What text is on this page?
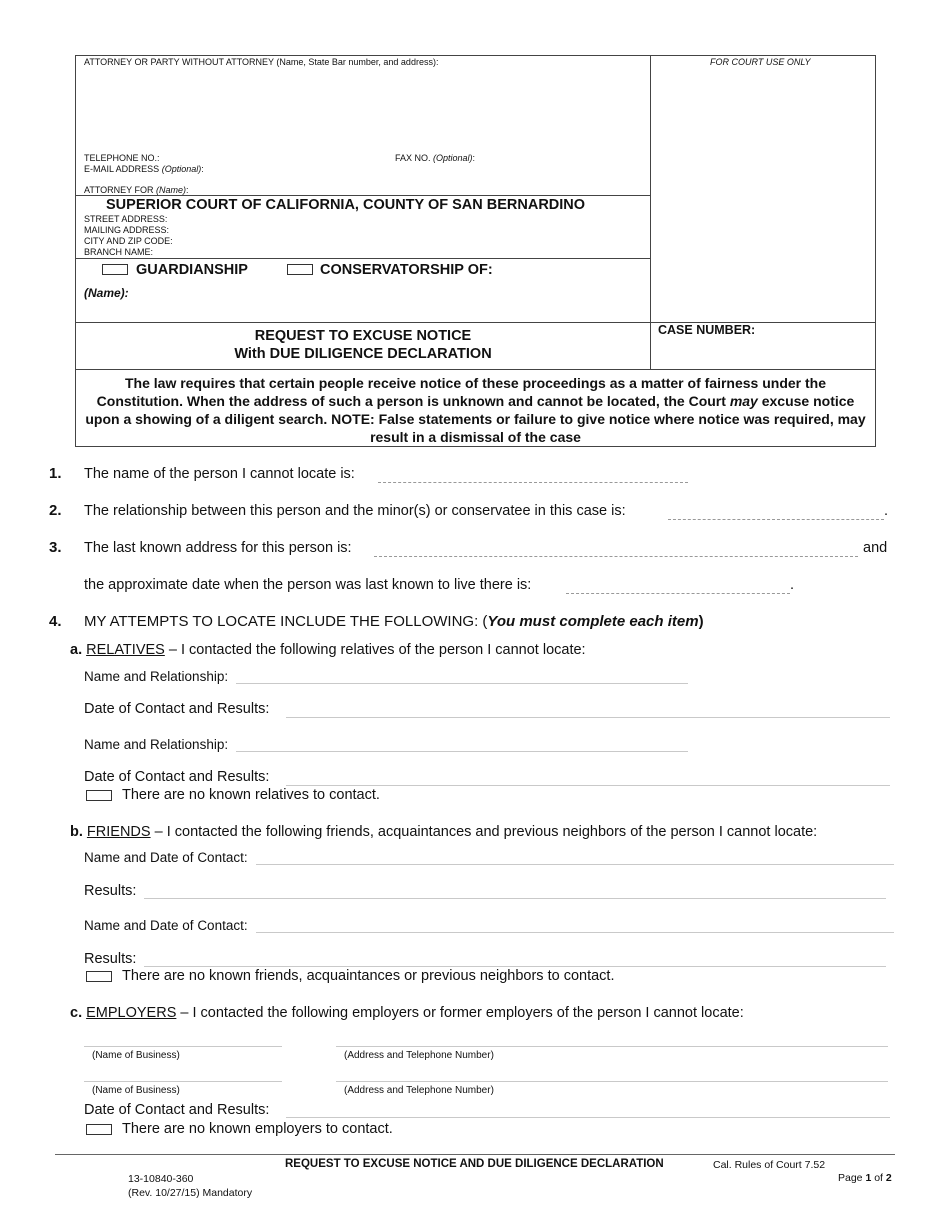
ATTORNEY OR PARTY WITHOUT ATTORNEY (Name, State Bar number, and address):	FOR COURT USE ONLY
TELEPHONE NO.:	FAX NO. (Optional):
E-MAIL ADDRESS (Optional):
ATTORNEY FOR (Name):
SUPERIOR COURT OF CALIFORNIA, COUNTY OF SAN BERNARDINO
STREET ADDRESS:
MAILING ADDRESS:
CITY AND ZIP CODE:
BRANCH NAME:
GUARDIANSHIP	CONSERVATORSHIP OF:
(Name):
REQUEST TO EXCUSE NOTICE
With DUE DILIGENCE DECLARATION
CASE NUMBER:
The law requires that certain people receive notice of these proceedings as a matter of fairness under the Constitution. When the address of such a person is unknown and cannot be located, the Court may excuse notice upon a showing of a diligent search. NOTE: False statements or failure to give notice where notice was required, may result in a dismissal of the case
1. The name of the person I cannot locate is:
2. The relationship between this person and the minor(s) or conservatee in this case is:	.
3. The last known address for this person is:	and
the approximate date when the person was last known to live there is:	.
4. MY ATTEMPTS TO LOCATE INCLUDE THE FOLLOWING: (You must complete each item)
a. RELATIVES – I contacted the following relatives of the person I cannot locate:
Name and Relationship:
Date of Contact and Results:
Name and Relationship:
Date of Contact and Results:
There are no known relatives to contact.
b. FRIENDS – I contacted the following friends, acquaintances and previous neighbors of the person I cannot locate:
Name and Date of Contact:
Results:
Name and Date of Contact:
Results:
There are no known friends, acquaintances or previous neighbors to contact.
c. EMPLOYERS – I contacted the following employers or former employers of the person I cannot locate:
(Name of Business)	(Address and Telephone Number)
(Name of Business)	(Address and Telephone Number)
Date of Contact and Results:
There are no known employers to contact.
REQUEST TO EXCUSE NOTICE AND DUE DILIGENCE DECLARATION	Cal. Rules of Court 7.52
13-10840-360	Page 1 of 2
(Rev. 10/27/15) Mandatory
